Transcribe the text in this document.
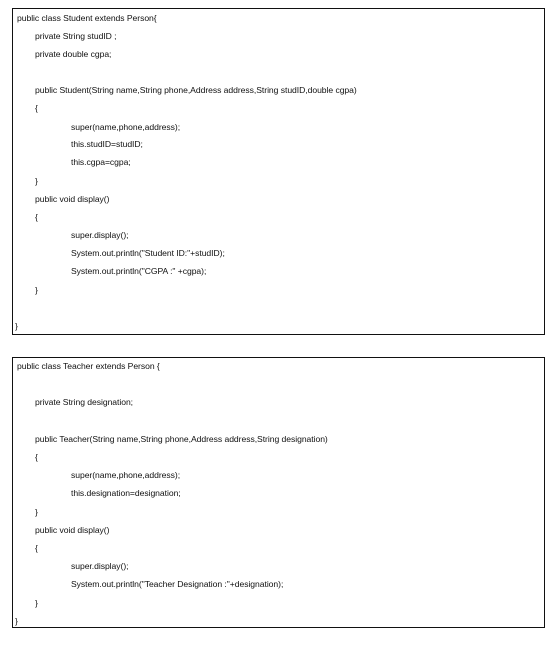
public class Student extends Person{
private String studID ;
private double cgpa;
public Student(String name,String phone,Address address,String studID,double cgpa)
{
super(name,phone,address);
this.studID=studID;
this.cgpa=cgpa;
}
public void display()
{
super.display();
System.out.println("Student ID:"+studID);
System.out.println("CGPA :" +cgpa);
}
}
public class Teacher extends Person {
private String designation;
public Teacher(String name,String phone,Address address,String designation)
{
super(name,phone,address);
this.designation=designation;
}
public void display()
{
super.display();
System.out.println("Teacher Designation :"+designation);
}
}
